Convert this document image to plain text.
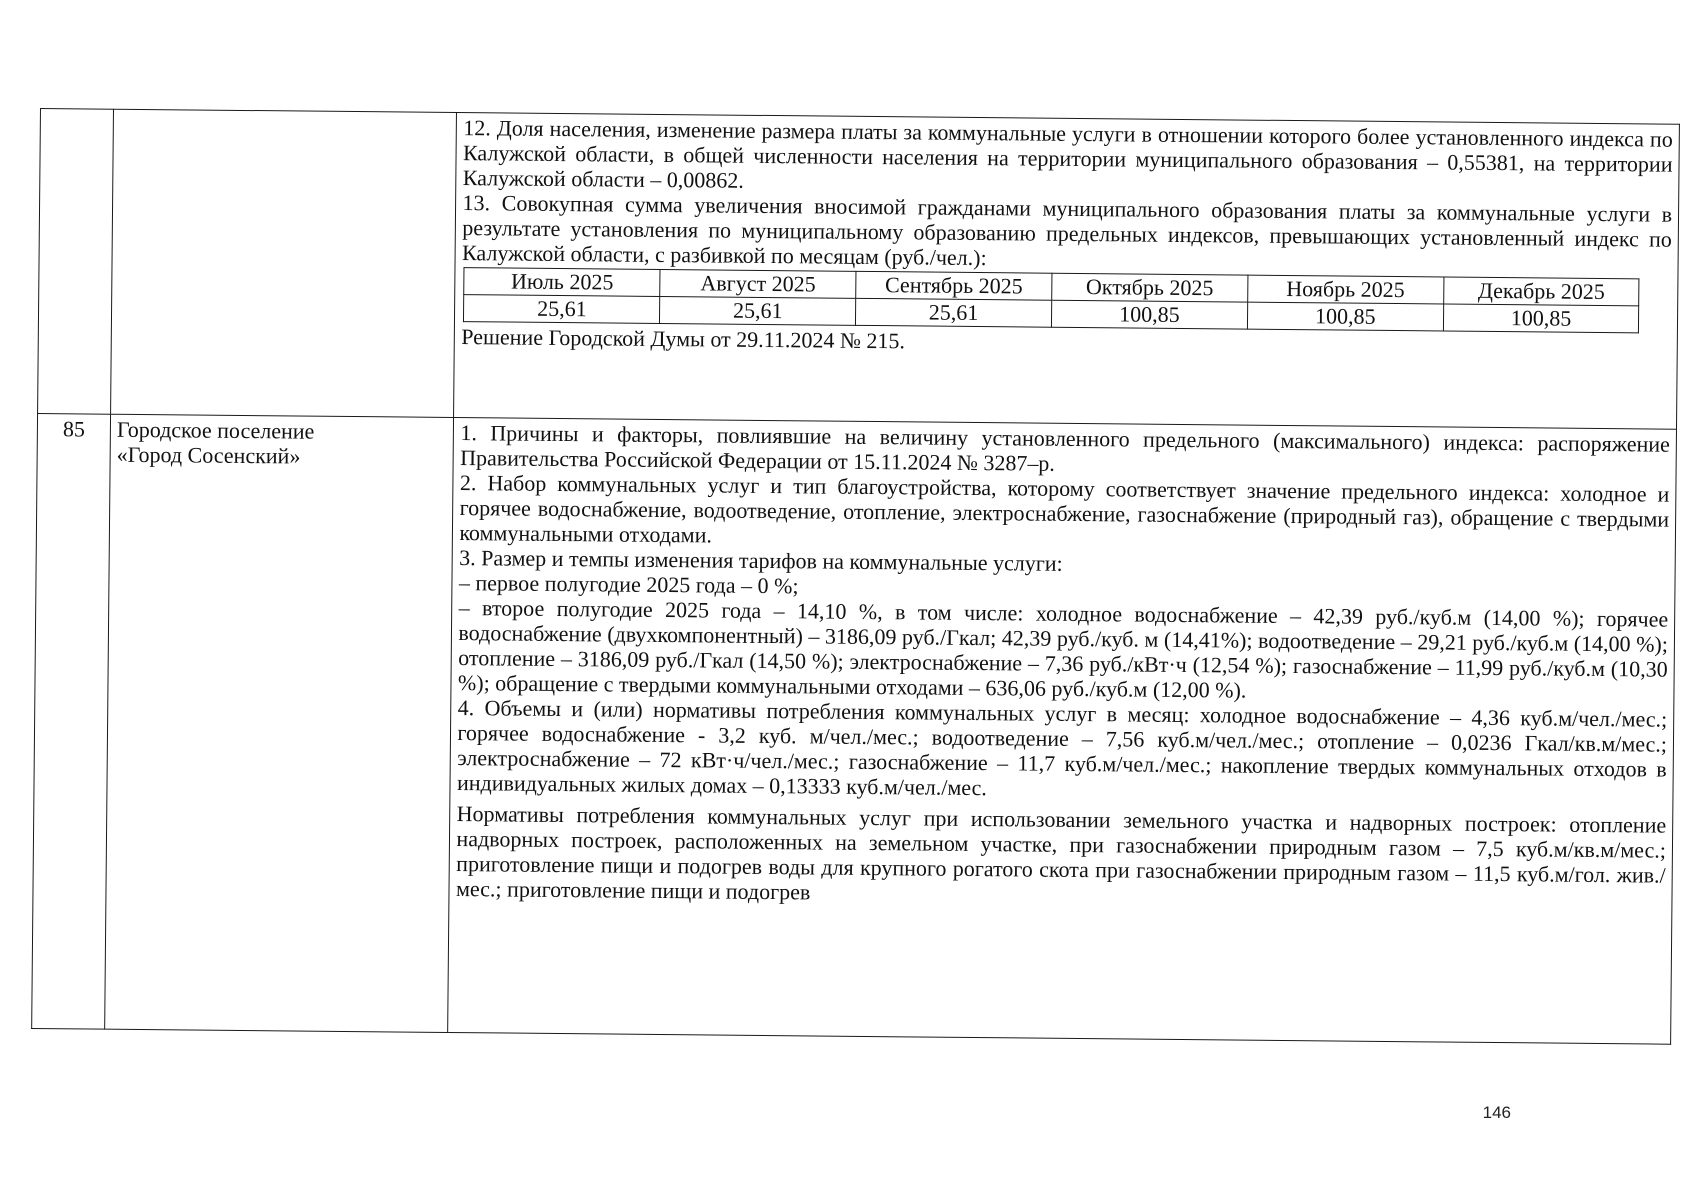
12. Доля населения, изменение размера платы за коммунальные услуги в отношении которого более установленного индекса по Калужской области, в общей численности населения на территории муниципального образования – 0,55381, на территории Калужской области – 0,00862.

13. Совокупная сумма увеличения вносимой гражданами муниципального образования платы за коммунальные услуги в результате установления по муниципальному образованию предельных индексов, превышающих установленный индекс по Калужской области, с разбивкой по месяцам (руб./чел.):

Июль 2025	Август 2025	Сентябрь 2025	Октябрь 2025	Ноябрь 2025	Декабрь 2025
25,61	25,61	25,61	100,85	100,85	100,85

Решение Городской Думы от 29.11.2024 № 215.

85	Городское поселение
«Город Сосенский»	1. Причины и факторы, повлиявшие на величину установленного предельного (максимального) индекса: распоряжение Правительства Российской Федерации от 15.11.2024 № 3287–р.

2. Набор коммунальных услуг и тип благоустройства, которому соответствует значение предельного индекса: холодное и горячее водоснабжение, водоотведение, отопление, электроснабжение, газоснабжение (природный газ), обращение с твердыми коммунальными отходами.

3. Размер и темпы изменения тарифов на коммунальные услуги:

– первое полугодие 2025 года – 0 %;

– второе полугодие 2025 года – 14,10 %, в том числе: холодное водоснабжение – 42,39 руб./куб.м (14,00 %); горячее водоснабжение (двухкомпонентный) – 3186,09 руб./Гкал; 42,39 руб./куб. м (14,41%); водоотведение – 29,21 руб./куб.м (14,00 %); отопление – 3186,09 руб./Гкал (14,50 %); электроснабжение – 7,36 руб./кВт·ч (12,54 %); газоснабжение – 11,99 руб./куб.м (10,30 %); обращение с твердыми коммунальными отходами – 636,06 руб./куб.м (12,00 %).

4. Объемы и (или) нормативы потребления коммунальных услуг в месяц: холодное водоснабжение – 4,36 куб.м/чел./мес.; горячее водоснабжение - 3,2 куб. м/чел./мес.; водоотведение – 7,56 куб.м/чел./мес.; отопление – 0,0236 Гкал/кв.м/мес.; электроснабжение – 72 кВт·ч/чел./мес.; газоснабжение – 11,7 куб.м/чел./мес.; накопление твердых коммунальных отходов в индивидуальных жилых домах – 0,13333 куб.м/чел./мес.

Нормативы потребления коммунальных услуг при использовании земельного участка и надворных построек: отопление надворных построек, расположенных на земельном участке, при газоснабжении природным газом – 7,5 куб.м/кв.м/мес.; приготовление пищи и подогрев воды для крупного рогатого скота при газоснабжении природным газом – 11,5 куб.м/гол. жив./мес.; приготовление пищи и подогрев

146
